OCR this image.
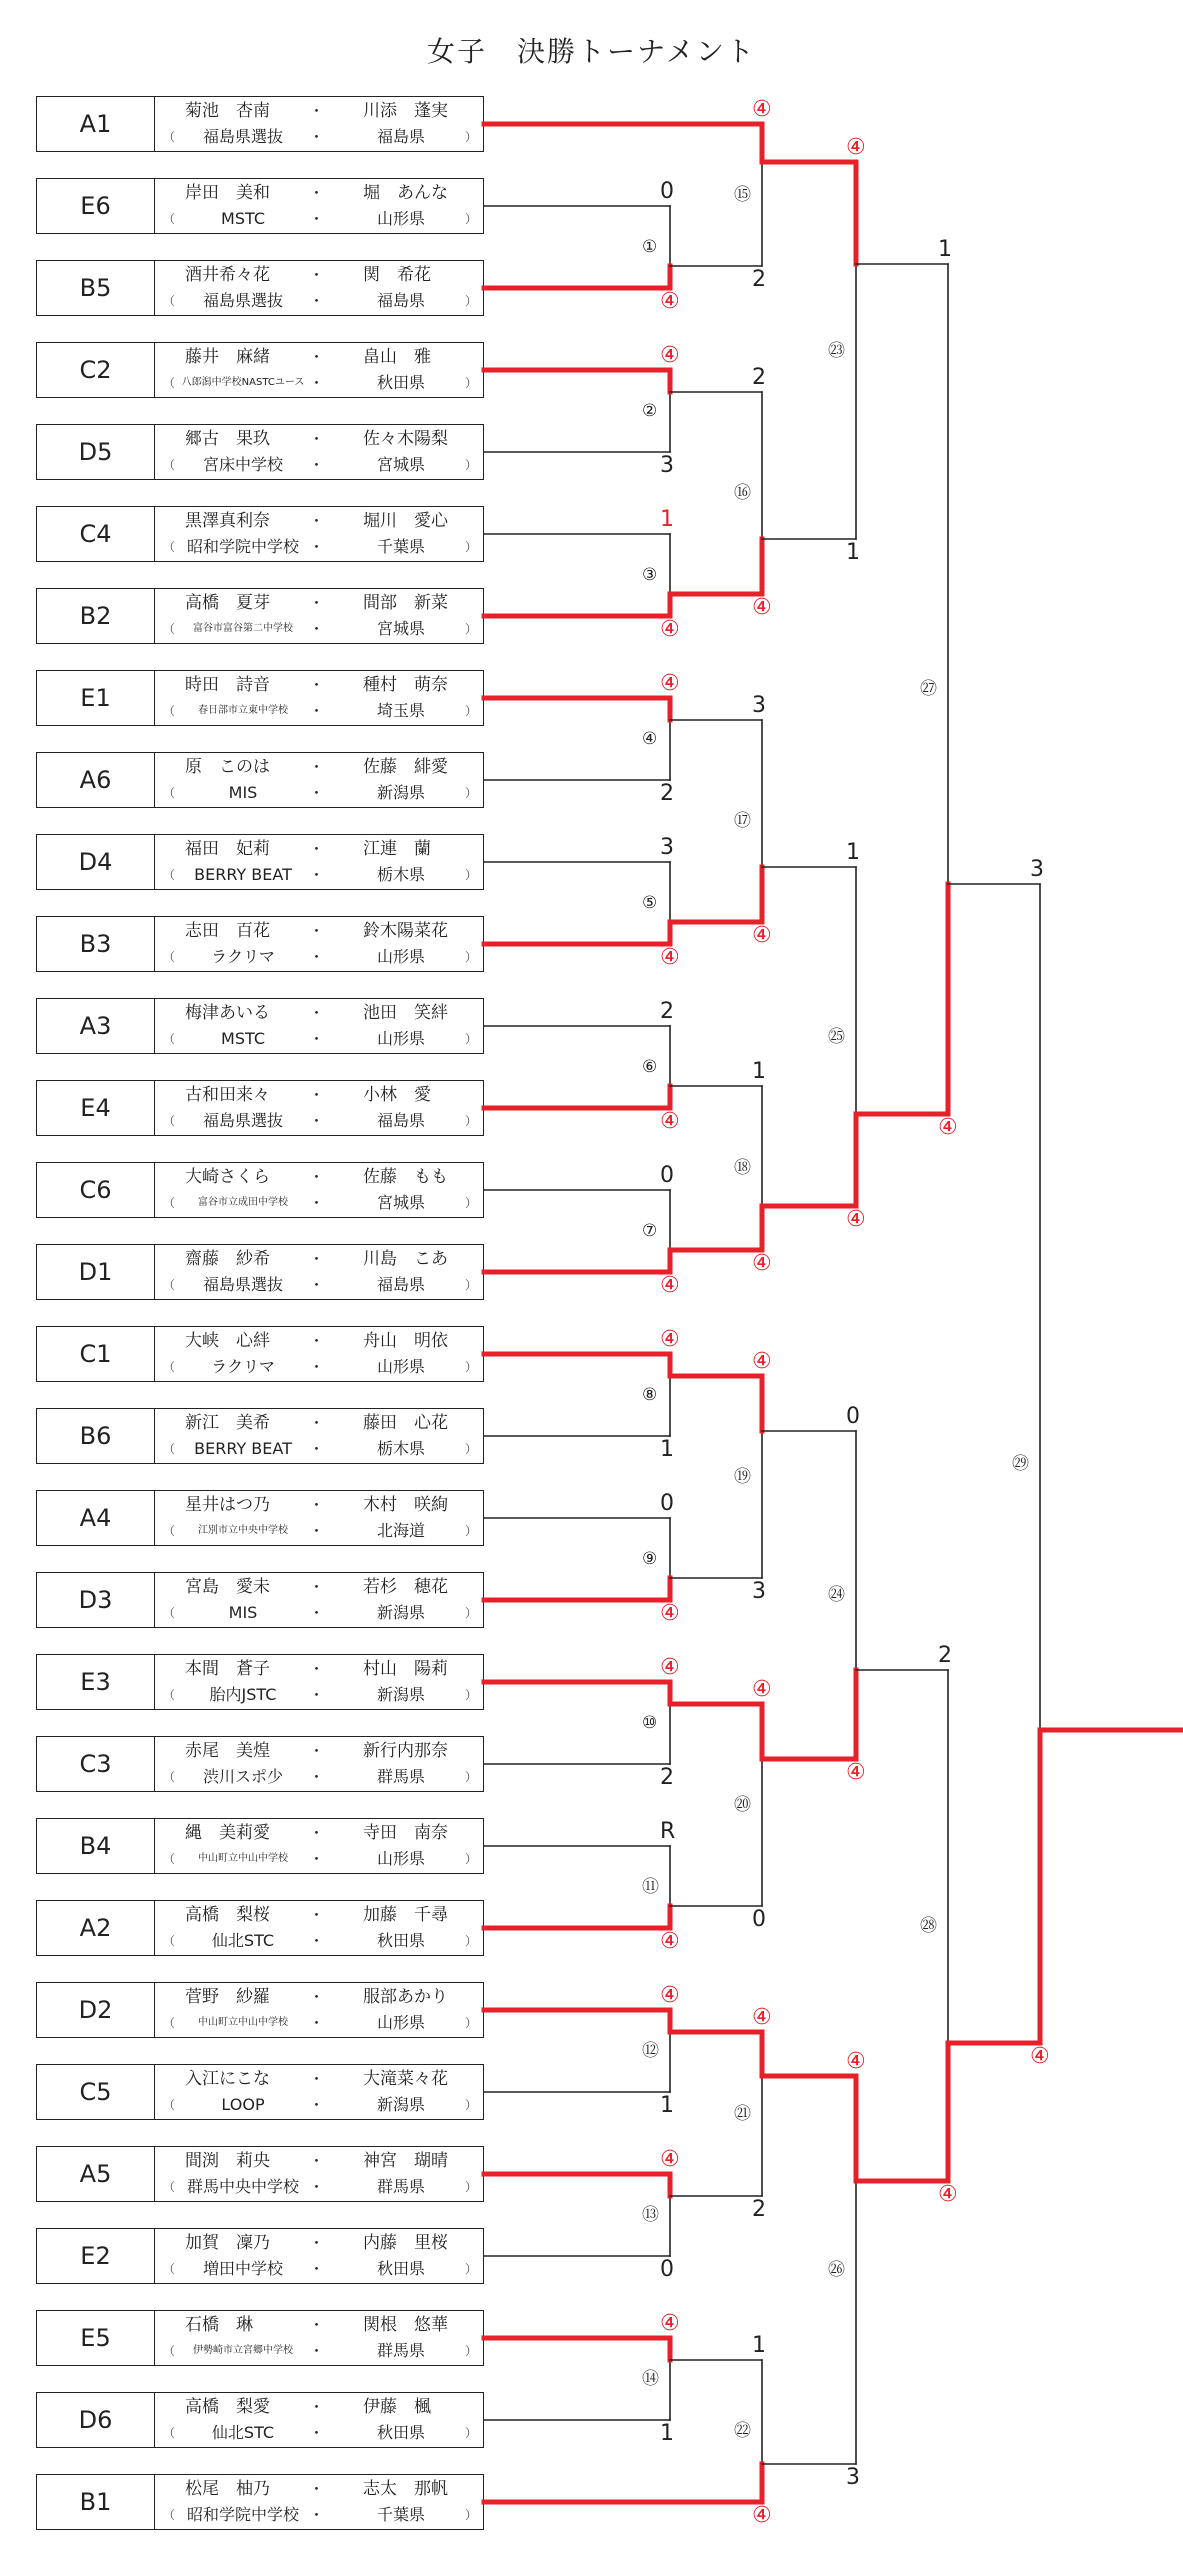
女子　決勝トーナメント
A1	菊池　杏南	・ 川添　蓬実
（	福島県選抜	・	福島県	）
E6	岸田　美和	・ 堀　あんな
（	MSTC	・	山形県	）
B5	酒井希々花	・ 関　希花
（	福島県選抜	・	福島県	）
C2	藤井　麻緒	・ 畠山　雅
（ 八郎潟中学校NASTCユース ・	秋田県	）
D5	郷古　果玖	・ 佐々木陽梨
（	宮床中学校	・	宮城県	）
C4	黒澤真利奈	・ 堀川　愛心
（ 昭和学院中学校 ・	千葉県	）
B2	高橋　夏芽	・ 間部　新菜
（	富谷市富谷第二中学校	・	宮城県	）
E1	時田　詩音	・ 種村　萌奈
（	春日部市立東中学校	・	埼玉県	）
A6	原　このは	・ 佐藤　緋愛
（	MIS	・	新潟県	）
D4	福田　妃莉	・ 江連　蘭
（	BERRY BEAT	・	栃木県	）
B3	志田　百花	・ 鈴木陽菜花
（	ラクリマ	・	山形県	）
A3	梅津あいる	・ 池田　笑絆
（	MSTC	・	山形県	）
E4	古和田来々	・ 小林　愛
（	福島県選抜	・	福島県	）
C6	大崎さくら	・ 佐藤　もも
（	富谷市立成田中学校	・	宮城県	）
D1	齋藤　紗希	・ 川島　こあ
（	福島県選抜	・	福島県	）
C1	大峡　心絆	・ 舟山　明依
（	ラクリマ	・	山形県	）
B6	新江　美希	・ 藤田　心花
（	BERRY BEAT	・	栃木県	）
A4	星井はつ乃	・ 木村　咲絢
（	江別市立中央中学校	・	北海道	）
D3	宮島　愛未	・ 若杉　穂花
（	MIS	・	新潟県	）
E3	本間　蒼子	・ 村山　陽莉
（	胎内JSTC	・	新潟県	）
C3	赤尾　美煌	・ 新行内那奈
（	渋川スポ少	・	群馬県	）
B4	縄　美莉愛	・ 寺田　南奈
（	中山町立中山中学校	・	山形県	）
A2	高橋　梨桜	・ 加藤　千尋
（	仙北STC	・	秋田県	）
D2	菅野　紗羅	・ 服部あかり
（	中山町立中山中学校	・	山形県	）
C5	入江にこな	・ 大滝菜々花
（	LOOP	・	新潟県	）
A5	間渕　莉央	・ 神宮　瑚晴
（ 群馬中央中学校 ・	群馬県	）
E2	加賀　凜乃	・ 内藤　里桜
（	増田中学校	・	秋田県	）
E5	石橋　琳	・ 関根　悠華
（	伊勢崎市立宮郷中学校	・	群馬県	）
D6	高橋　梨愛	・ 伊藤　楓
（	仙北STC	・	秋田県	）
B1	松尾　柚乃	・ 志太　那帆
（ 昭和学院中学校 ・	千葉県	）
0
④
①
④
3
②
1
④
③
④
2
④
3
④
⑤
2
④
⑥
0
④
⑦
④
1
⑧
0
④
⑨
④
2
⑩
R
④
⑪
④
1
⑫
④
0
⑬
④
1
⑭
④
2
⑮
2
④
⑯
3
④
⑰
1
④
⑱
④
3
⑲
④
0
⑳
④
2
㉑
1
④
㉒
④
1
㉓
0
④
㉔
1
④
㉕
④
3
㉖
1
④
㉗
2
④
㉘
3
④
㉙
